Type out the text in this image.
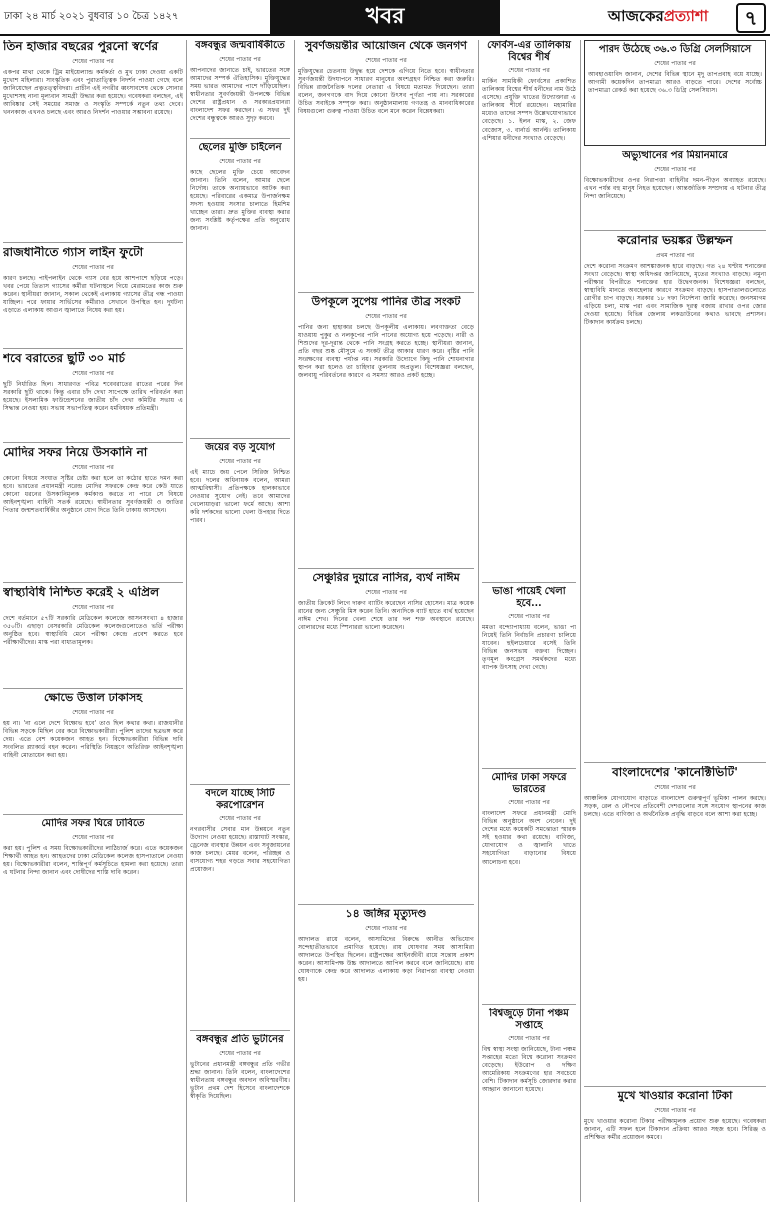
ঢাকা ২৪ মার্চ ২০২১ বুধবার ১০ চৈত্র ১৪২৭	খবর	আজকেরপ্রত্যাশা	৭
তিন হাজার বছরের পুরনো স্বর্ণের
শেষের পাতার পর
একপর মাথা থেকে ট্রিম মাইয়েল্যান্ড কর্মকর্তা ও মুখ ঢাকা দেওয়া একটি মুখোশ মহিলারা। সাংস্কৃতিক এবং পুরাতাত্ত্বিক নিদর্শন পাওয়া গেছে বলে জানিয়েছেন প্রত্নতত্ত্ববিদরা। প্রাচীন এই নগরীর ধ্বংসাবশেষ থেকে সোনার মুখোশসহ নানা মূল্যবান সামগ্রী উদ্ধার করা হয়েছে। গবেষকরা বলছেন, এই আবিষ্কার সেই সময়ের সমাজ ও সংস্কৃতি সম্পর্কে নতুন তথ্য দেবে। খননকাজ এখনও চলছে এবং আরও নিদর্শন পাওয়ার সম্ভাবনা রয়েছে।
রাজধানীতে গ্যাস লাইন ফুটো
শেষের পাতার পর
কারণ চলছে। পাইপলাইন থেকে গ্যাস বের হয়ে আশপাশে ছড়িয়ে পড়ে। খবর পেয়ে তিতাস গ্যাসের কর্মীরা ঘটনাস্থলে গিয়ে মেরামতের কাজ শুরু করেন। স্থানীয়রা জানান, সকাল থেকেই এলাকায় গ্যাসের তীব্র গন্ধ পাওয়া যাচ্ছিল। পরে ফায়ার সার্ভিসের কর্মীরাও সেখানে উপস্থিত হন। দুর্ঘটনা এড়াতে এলাকায় আগুন জ্বালাতে নিষেধ করা হয়।
শবে বরাতের ছুটি ৩০ মার্চ
শেষের পাতার পর
ছুটি নির্ধারিত ছিল। সাধারণত পবিত্র শবেবরাতের রাতের পরের দিন সরকারি ছুটি থাকে। কিন্তু এবার চাঁদ দেখা সাপেক্ষে তারিখ পরিবর্তন করা হয়েছে। ইসলামিক ফাউন্ডেশনের জাতীয় চাঁদ দেখা কমিটির সভায় এ সিদ্ধান্ত নেওয়া হয়। সভায় সভাপতিত্ব করেন ধর্মবিষয়ক প্রতিমন্ত্রী।
মোদির সফর নিয়ে উসকানি না
শেষের পাতার পর
কোনো বিষয়ে সংঘাত সৃষ্টির চেষ্টা করা হলে তা কঠোর হাতে দমন করা হবে। ভারতের প্রধানমন্ত্রী নরেন্দ্র মোদির সফরকে কেন্দ্র করে কেউ যাতে কোনো ধরনের উসকানিমূলক কর্মকাণ্ড করতে না পারে সে বিষয়ে আইনশৃঙ্খলা বাহিনী সতর্ক রয়েছে। স্বাধীনতার সুবর্ণজয়ন্তী ও জাতির পিতার জন্মশতবার্ষিকীর অনুষ্ঠানে যোগ দিতে তিনি ঢাকায় আসছেন।
স্বাস্থ্যবিধি নিশ্চিত করেই ২ এপ্রিল
শেষের পাতার পর
দেশে বর্তমানে ৫৭টি সরকারি মেডিকেল কলেজে আসনসংখ্যা ৪ হাজার ৩৫০টি। এছাড়া বেসরকারি মেডিকেল কলেজগুলোতেও ভর্তি পরীক্ষা অনুষ্ঠিত হবে। স্বাস্থ্যবিধি মেনে পরীক্ষা কেন্দ্রে প্রবেশ করতে হবে পরীক্ষার্থীদের। মাস্ক পরা বাধ্যতামূলক।
ক্ষোভে উত্তাল ঢাকাসহ
শেষের পাতার পর
হয় না। 'না এলে দেশে বিক্ষোভ হবে' তাও ছিল কথার কথা। রাজধানীর বিভিন্ন সড়কে মিছিল বের করে বিক্ষোভকারীরা। পুলিশ তাদের ছত্রভঙ্গ করে দেয়। এতে বেশ কয়েকজন আহত হন। বিক্ষোভকারীরা বিভিন্ন দাবি সংবলিত প্ল্যাকার্ড বহন করেন। পরিস্থিতি নিয়ন্ত্রণে অতিরিক্ত আইনশৃঙ্খলা বাহিনী মোতায়েন করা হয়।
মোদির সফর ঘিরে ঢাবিতে
শেষের পাতার পর
করা হয়। পুলিশ এ সময় বিক্ষোভকারীদের লাঠিচার্জ করে। এতে কয়েকজন শিক্ষার্থী আহত হন। আহতদের ঢাকা মেডিকেল কলেজ হাসপাতালে নেওয়া হয়। বিক্ষোভকারীরা বলেন, শান্তিপূর্ণ কর্মসূচিতে হামলা করা হয়েছে। তারা এ ঘটনার নিন্দা জানান এবং দোষীদের শাস্তি দাবি করেন।
বঙ্গবন্ধুর জন্মবার্ষিকীতে
শেষের পাতার পর
আপনাদের জানাতে চাই, ভারতের সঙ্গে আমাদের সম্পর্ক ঐতিহাসিক। মুক্তিযুদ্ধের সময় ভারত আমাদের পাশে দাঁড়িয়েছিল। স্বাধীনতার সুবর্ণজয়ন্তী উপলক্ষে বিভিন্ন দেশের রাষ্ট্রপ্রধান ও সরকারপ্রধানরা বাংলাদেশ সফর করছেন। এ সফর দুই দেশের বন্ধুত্বকে আরও সুদৃঢ় করবে।
ছেলের মুক্তি চাইলেন
শেষের পাতার পর
কাছে ছেলের মুক্তি চেয়ে আবেদন জানান। তিনি বলেন, আমার ছেলে নির্দোষ। তাকে অন্যায়ভাবে আটক করা হয়েছে। পরিবারের একমাত্র উপার্জনক্ষম সদস্য হওয়ায় সংসার চালাতে হিমশিম খাচ্ছেন তারা। দ্রুত মুক্তির ব্যবস্থা করার জন্য সংশ্লিষ্ট কর্তৃপক্ষের প্রতি অনুরোধ জানান।
জয়ের বড় সুযোগ
শেষের পাতার পর
এই ম্যাচে জয় পেলে সিরিজ নিশ্চিত হবে। দলের অধিনায়ক বলেন, আমরা আত্মবিশ্বাসী। প্রতিপক্ষকে হালকাভাবে নেওয়ার সুযোগ নেই। তবে আমাদের খেলোয়াড়রা ভালো ফর্মে আছে। আশা করি দর্শকদের ভালো খেলা উপহার দিতে পারব।
বদলে যাচ্ছে সিটি করপোরেশন
শেষের পাতার পর
নগরবাসীর সেবার মান উন্নয়নে নতুন উদ্যোগ নেওয়া হয়েছে। রাস্তাঘাট সংস্কার, ড্রেনেজ ব্যবস্থার উন্নয়ন এবং সবুজায়নের কাজ চলছে। মেয়র বলেন, পরিচ্ছন্ন ও বাসযোগ্য শহর গড়তে সবার সহযোগিতা প্রয়োজন।
বঙ্গবন্ধুর প্রতি ভুটানের
শেষের পাতার পর
ভুটানের প্রধানমন্ত্রী বঙ্গবন্ধুর প্রতি গভীর শ্রদ্ধা জানান। তিনি বলেন, বাংলাদেশের স্বাধীনতায় বঙ্গবন্ধুর অবদান অবিস্মরণীয়। ভুটান প্রথম দেশ হিসেবে বাংলাদেশকে স্বীকৃতি দিয়েছিল।
সুবর্ণজয়ন্তীর আয়োজন থেকে জনগণ
শেষের পাতার পর
মুক্তিযুদ্ধের চেতনায় উদ্বুদ্ধ হয়ে দেশকে এগিয়ে নিতে হবে। স্বাধীনতার সুবর্ণজয়ন্তী উদযাপনে সাধারণ মানুষের অংশগ্রহণ নিশ্চিত করা জরুরি। বিভিন্ন রাজনৈতিক দলের নেতারা এ বিষয়ে মতামত দিয়েছেন। তারা বলেন, জনগণকে বাদ দিয়ে কোনো উৎসব পূর্ণতা পায় না। সরকারের উচিত সবাইকে সম্পৃক্ত করা। অনুষ্ঠানমালায় গণতন্ত্র ও মানবাধিকারের বিষয়গুলো গুরুত্ব পাওয়া উচিত বলে মনে করেন বিশ্লেষকরা।
উপকূলে সুপেয় পানির তীব্র সংকট
শেষের পাতার পর
পানির জন্য হাহাকার চলছে উপকূলীয় এলাকায়। লবণাক্ততা বেড়ে যাওয়ায় পুকুর ও নলকূপের পানি পানের অযোগ্য হয়ে পড়েছে। নারী ও শিশুদের দূর-দূরান্ত থেকে পানি সংগ্রহ করতে হচ্ছে। স্থানীয়রা জানান, প্রতি বছর শুষ্ক মৌসুমে এ সংকট তীব্র আকার ধারণ করে। বৃষ্টির পানি সংরক্ষণের ব্যবস্থা পর্যাপ্ত নয়। সরকারি উদ্যোগে কিছু পানি শোধনাগার স্থাপন করা হলেও তা চাহিদার তুলনায় অপ্রতুল। বিশেষজ্ঞরা বলছেন, জলবায়ু পরিবর্তনের কারণে এ সমস্যা আরও প্রকট হচ্ছে।
সেঞ্চুরির দুয়ারে নাসির, ব্যর্থ নাঈম
শেষের পাতার পর
জাতীয় ক্রিকেট লিগে দারুণ ব্যাটিং করেছেন নাসির হোসেন। মাত্র কয়েক রানের জন্য সেঞ্চুরি মিস করেন তিনি। অন্যদিকে ব্যাট হাতে ব্যর্থ হয়েছেন নাঈম শেখ। দিনের খেলা শেষে তার দল শক্ত অবস্থানে রয়েছে। বোলারদের মধ্যে স্পিনাররা ভালো করেছেন।
১৪ জঙ্গির মৃত্যুদণ্ড
শেষের পাতার পর
আদালত রায়ে বলেন, আসামিদের বিরুদ্ধে আনীত অভিযোগ সন্দেহাতীতভাবে প্রমাণিত হয়েছে। রায় ঘোষণার সময় আসামিরা আদালতে উপস্থিত ছিলেন। রাষ্ট্রপক্ষের আইনজীবী রায়ে সন্তোষ প্রকাশ করেন। আসামিপক্ষ উচ্চ আদালতে আপিল করবে বলে জানিয়েছে। রায় ঘোষণাকে কেন্দ্র করে আদালত এলাকায় কড়া নিরাপত্তা ব্যবস্থা নেওয়া হয়।
ফোর্বস-এর তালিকায় বিশ্বের শীর্ষ
শেষের পাতার পর
মার্কিন সাময়িকী ফোর্বসের প্রকাশিত তালিকায় বিশ্বের শীর্ষ ধনীদের নাম উঠে এসেছে। প্রযুক্তি খাতের উদ্যোক্তারা এ তালিকায় শীর্ষে রয়েছেন। মহামারির মধ্যেও তাদের সম্পদ উল্লেখযোগ্যভাবে বেড়েছে। ১. ইলন মাস্ক, ২. জেফ বেজোস, ৩. বার্নার্ড আর্নল্ট। তালিকায় এশিয়ার ধনীদের সংখ্যাও বেড়েছে।
ভাঙা পায়েই খেলা হবে...
শেষের পাতার পর
মমতা বন্দ্যোপাধ্যায় বলেন, ভাঙা পা নিয়েই তিনি নির্বাচনি প্রচারণা চালিয়ে যাবেন। হুইলচেয়ারে বসেই তিনি বিভিন্ন জনসভায় বক্তব্য দিচ্ছেন। তৃণমূল কংগ্রেস সমর্থকদের মধ্যে ব্যাপক উৎসাহ দেখা গেছে।
মোদির ঢাকা সফরে ভারতের
শেষের পাতার পর
বাংলাদেশ সফরে প্রধানমন্ত্রী মোদি বিভিন্ন অনুষ্ঠানে অংশ নেবেন। দুই দেশের মধ্যে কয়েকটি সমঝোতা স্মারক সই হওয়ার কথা রয়েছে। বাণিজ্য, যোগাযোগ ও জ্বালানি খাতে সহযোগিতা বাড়ানোর বিষয়ে আলোচনা হবে।
বিশ্বজুড়ে টানা পঞ্চম সপ্তাহে
শেষের পাতার পর
বিশ্ব স্বাস্থ্য সংস্থা জানিয়েছে, টানা পঞ্চম সপ্তাহের মতো বিশ্বে করোনা সংক্রমণ বেড়েছে। ইউরোপ ও দক্ষিণ আমেরিকায় সংক্রমণের হার সবচেয়ে বেশি। টিকাদান কর্মসূচি জোরদার করার আহ্বান জানানো হয়েছে।
পারদ উঠেছে ৩৬.৩ ডিগ্রি সেলসিয়াসে
শেষের পাতার পর
আবহাওয়াবিদ জানান, দেশের বিভিন্ন স্থানে মৃদু তাপপ্রবাহ বয়ে যাচ্ছে। আগামী কয়েকদিন তাপমাত্রা আরও বাড়তে পারে। দেশের সর্বোচ্চ তাপমাত্রা রেকর্ড করা হয়েছে ৩৬.৩ ডিগ্রি সেলসিয়াস।
অভ্যুত্থানের পর মিয়ানমারে
শেষের পাতার পর
বিক্ষোভকারীদের ওপর নিরাপত্তা বাহিনীর দমন-পীড়ন অব্যাহত রয়েছে। এখন পর্যন্ত বহু মানুষ নিহত হয়েছেন। আন্তর্জাতিক সম্প্রদায় এ ঘটনার তীব্র নিন্দা জানিয়েছে।
করোনার ভয়ঙ্কর উল্লম্ফন
প্রথম পাতার পর
দেশে করোনা সংক্রমণ আশঙ্কাজনক হারে বাড়ছে। গত ২৪ ঘণ্টায় শনাক্তের সংখ্যা বেড়েছে। স্বাস্থ্য অধিদপ্তর জানিয়েছে, মৃতের সংখ্যাও বাড়ছে। নমুনা পরীক্ষার বিপরীতে শনাক্তের হার উদ্বেগজনক। বিশেষজ্ঞরা বলছেন, স্বাস্থ্যবিধি মানতে অবহেলার কারণে সংক্রমণ বাড়ছে। হাসপাতালগুলোতে রোগীর চাপ বাড়ছে। সরকার ১৮ দফা নির্দেশনা জারি করেছে। জনসমাগম এড়িয়ে চলা, মাস্ক পরা এবং সামাজিক দূরত্ব বজায় রাখার ওপর জোর দেওয়া হয়েছে। বিভিন্ন জেলায় লকডাউনের কথাও ভাবছে প্রশাসন। টিকাদান কার্যক্রম চলছে।
বাংলাদেশের 'কানেক্টিভিটি'
শেষের পাতার পর
আঞ্চলিক যোগাযোগ বাড়াতে বাংলাদেশ গুরুত্বপূর্ণ ভূমিকা পালন করছে। সড়ক, রেল ও নৌপথে প্রতিবেশী দেশগুলোর সঙ্গে সংযোগ স্থাপনের কাজ চলছে। এতে বাণিজ্য ও অর্থনৈতিক প্রবৃদ্ধি বাড়বে বলে আশা করা হচ্ছে।
মুখে খাওয়ার করোনা টিকা
শেষের পাতার পর
মুখে খাওয়ার করোনা টিকার পরীক্ষামূলক প্রয়োগ শুরু হয়েছে। গবেষকরা জানান, এটি সফল হলে টিকাদান প্রক্রিয়া আরও সহজ হবে। সিরিঞ্জ ও প্রশিক্ষিত কর্মীর প্রয়োজন কমবে।
